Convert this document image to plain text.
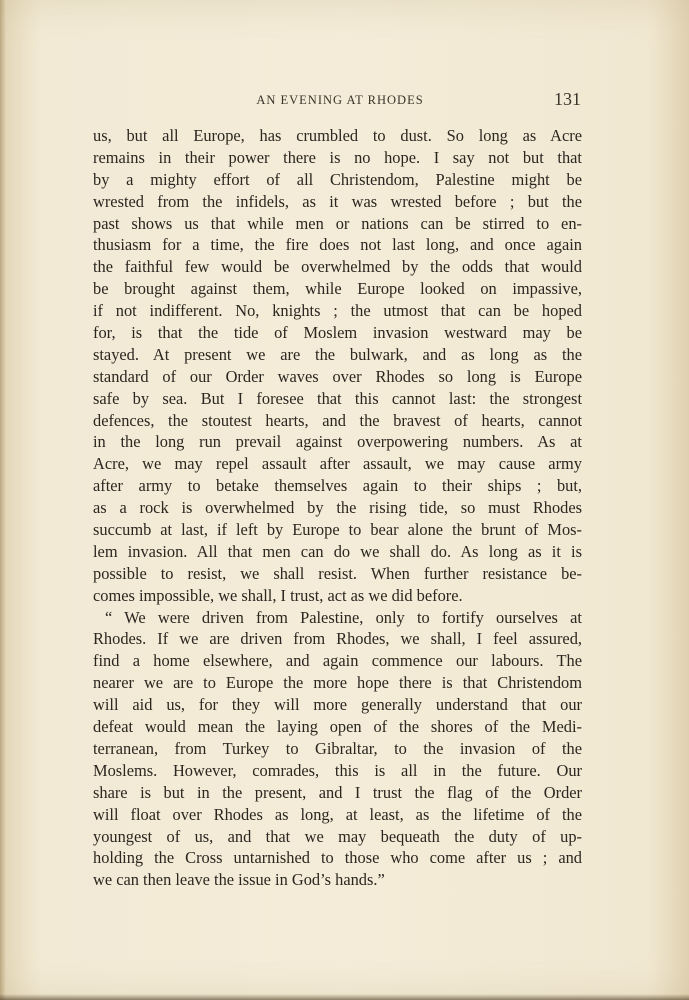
AN EVENING AT RHODES	131
us, but all Europe, has crumbled to dust. So long as Acre
remains in their power there is no hope. I say not but that
by a mighty effort of all Christendom, Palestine might be
wrested from the infidels, as it was wrested before ; but the
past shows us that while men or nations can be stirred to en-
thusiasm for a time, the fire does not last long, and once again
the faithful few would be overwhelmed by the odds that would
be brought against them, while Europe looked on impassive,
if not indifferent. No, knights ; the utmost that can be hoped
for, is that the tide of Moslem invasion westward may be
stayed. At present we are the bulwark, and as long as the
standard of our Order waves over Rhodes so long is Europe
safe by sea. But I foresee that this cannot last: the strongest
defences, the stoutest hearts, and the bravest of hearts, cannot
in the long run prevail against overpowering numbers. As at
Acre, we may repel assault after assault, we may cause army
after army to betake themselves again to their ships ; but,
as a rock is overwhelmed by the rising tide, so must Rhodes
succumb at last, if left by Europe to bear alone the brunt of Mos-
lem invasion. All that men can do we shall do. As long as it is
possible to resist, we shall resist. When further resistance be-
comes impossible, we shall, I trust, act as we did before.
“ We were driven from Palestine, only to fortify ourselves at
Rhodes. If we are driven from Rhodes, we shall, I feel assured,
find a home elsewhere, and again commence our labours. The
nearer we are to Europe the more hope there is that Christendom
will aid us, for they will more generally understand that our
defeat would mean the laying open of the shores of the Medi-
terranean, from Turkey to Gibraltar, to the invasion of the
Moslems. However, comrades, this is all in the future. Our
share is but in the present, and I trust the flag of the Order
will float over Rhodes as long, at least, as the lifetime of the
youngest of us, and that we may bequeath the duty of up-
holding the Cross untarnished to those who come after us ; and
we can then leave the issue in God’s hands.”
